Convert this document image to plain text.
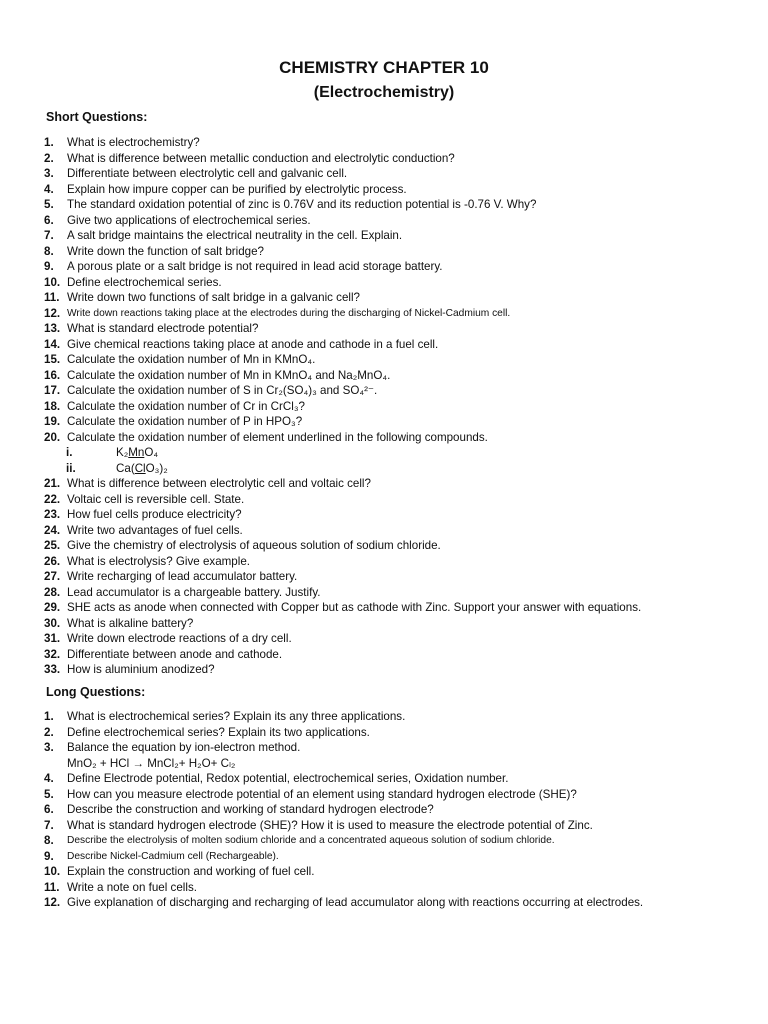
CHEMISTRY CHAPTER 10
(Electrochemistry)
Short Questions:
1.	What is electrochemistry?
2.	What is difference between metallic conduction and electrolytic conduction?
3.	Differentiate between electrolytic cell and galvanic cell.
4.	Explain how impure copper can be purified by electrolytic process.
5.	The standard oxidation potential of zinc is 0.76V and its reduction potential is -0.76 V. Why?
6.	Give two applications of electrochemical series.
7.	A salt bridge maintains the electrical neutrality in the cell. Explain.
8.	Write down the function of salt bridge?
9.	A porous plate or a salt bridge is not required in lead acid storage battery.
10. Define electrochemical series.
11. Write down two functions of salt bridge in a galvanic cell?
12. Write down reactions taking place at the electrodes during the discharging of Nickel-Cadmium cell.
13. What is standard electrode potential?
14. Give chemical reactions taking place at anode and cathode in a fuel cell.
15. Calculate the oxidation number of Mn in KMnO₄.
16. Calculate the oxidation number of Mn in KMnO₄ and Na₂MnO₄.
17. Calculate the oxidation number of S in Cr₂(SO₄)₃ and SO₄²⁻.
18. Calculate the oxidation number of Cr in CrCl₃?
19. Calculate the oxidation number of P in HPO₃?
20. Calculate the oxidation number of element underlined in the following compounds.
i.	K₂MnO₄
ii.	Ca(ClO₃)₂
21. What is difference between electrolytic cell and voltaic cell?
22. Voltaic cell is reversible cell. State.
23. How fuel cells produce electricity?
24. Write two advantages of fuel cells.
25. Give the chemistry of electrolysis of aqueous solution of sodium chloride.
26. What is electrolysis? Give example.
27. Write recharging of lead accumulator battery.
28. Lead accumulator is a chargeable battery. Justify.
29. SHE acts as anode when connected with Copper but as cathode with Zinc. Support your answer with equations.
30. What is alkaline battery?
31. Write down electrode reactions of a dry cell.
32. Differentiate between anode and cathode.
33. How is aluminium anodized?
Long Questions:
1.	What is electrochemical series? Explain its any three applications.
2.	Define electrochemical series? Explain its two applications.
3.	Balance the equation by ion-electron method.
MnO₂ + HCl → MnCl₂+ H₂O+ Cₗ₂
4.	Define Electrode potential, Redox potential, electrochemical series, Oxidation number.
5.	How can you measure electrode potential of an element using standard hydrogen electrode (SHE)?
6.	Describe the construction and working of standard hydrogen electrode?
7.	What is standard hydrogen electrode (SHE)? How it is used to measure the electrode potential of Zinc.
8.	Describe the electrolysis of molten sodium chloride and a concentrated aqueous solution of sodium chloride.
9.	Describe Nickel-Cadmium cell (Rechargeable).
10. Explain the construction and working of fuel cell.
11. Write a note on fuel cells.
12. Give explanation of discharging and recharging of lead accumulator along with reactions occurring at electrodes.
